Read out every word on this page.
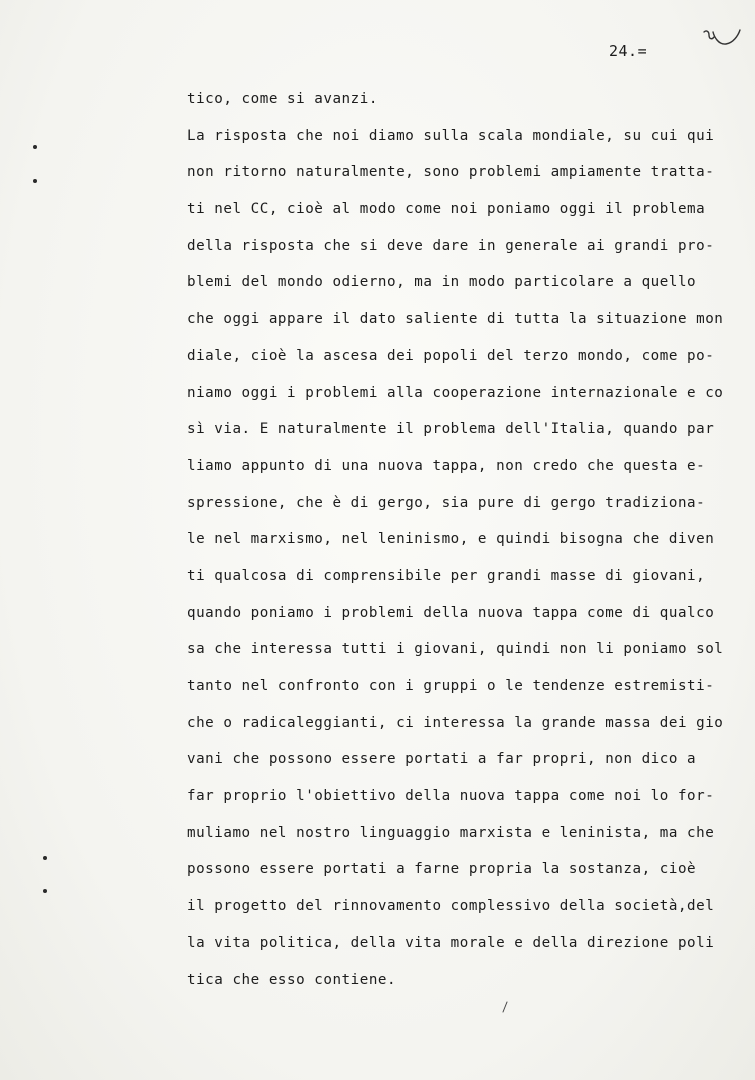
24.=
tico, come si avanzi.
La risposta che noi diamo sulla scala mondiale, su cui qui
non ritorno naturalmente, sono problemi ampiamente tratta-
ti nel CC, cioè al modo come noi poniamo oggi il problema
della risposta che si deve dare in generale ai grandi pro-
blemi del mondo odierno, ma in modo particolare a quello
che oggi appare il dato saliente di tutta la situazione mon
diale, cioè la ascesa dei popoli del terzo mondo, come po-
niamo oggi i problemi alla cooperazione internazionale e co
sì via. E naturalmente il problema dell'Italia, quando par
liamo appunto di una nuova tappa, non credo che questa e-
spressione, che è di gergo, sia pure di gergo tradiziona-
le nel marxismo, nel leninismo, e quindi bisogna che diven
ti qualcosa di comprensibile per grandi masse di giovani,
quando poniamo i problemi della nuova tappa come di qualco
sa che interessa tutti i giovani, quindi non li poniamo sol
tanto nel confronto con i gruppi o le tendenze estremisti-
che o radicaleggianti, ci interessa la grande massa dei gio
vani che possono essere portati a far propri, non dico a
far proprio l'obiettivo della nuova tappa come noi lo for-
muliamo nel nostro linguaggio marxista e leninista, ma che
possono essere portati a farne propria la sostanza, cioè
il progetto del rinnovamento complessivo della società,del
la vita politica, della vita morale e della direzione poli
tica che esso contiene.
